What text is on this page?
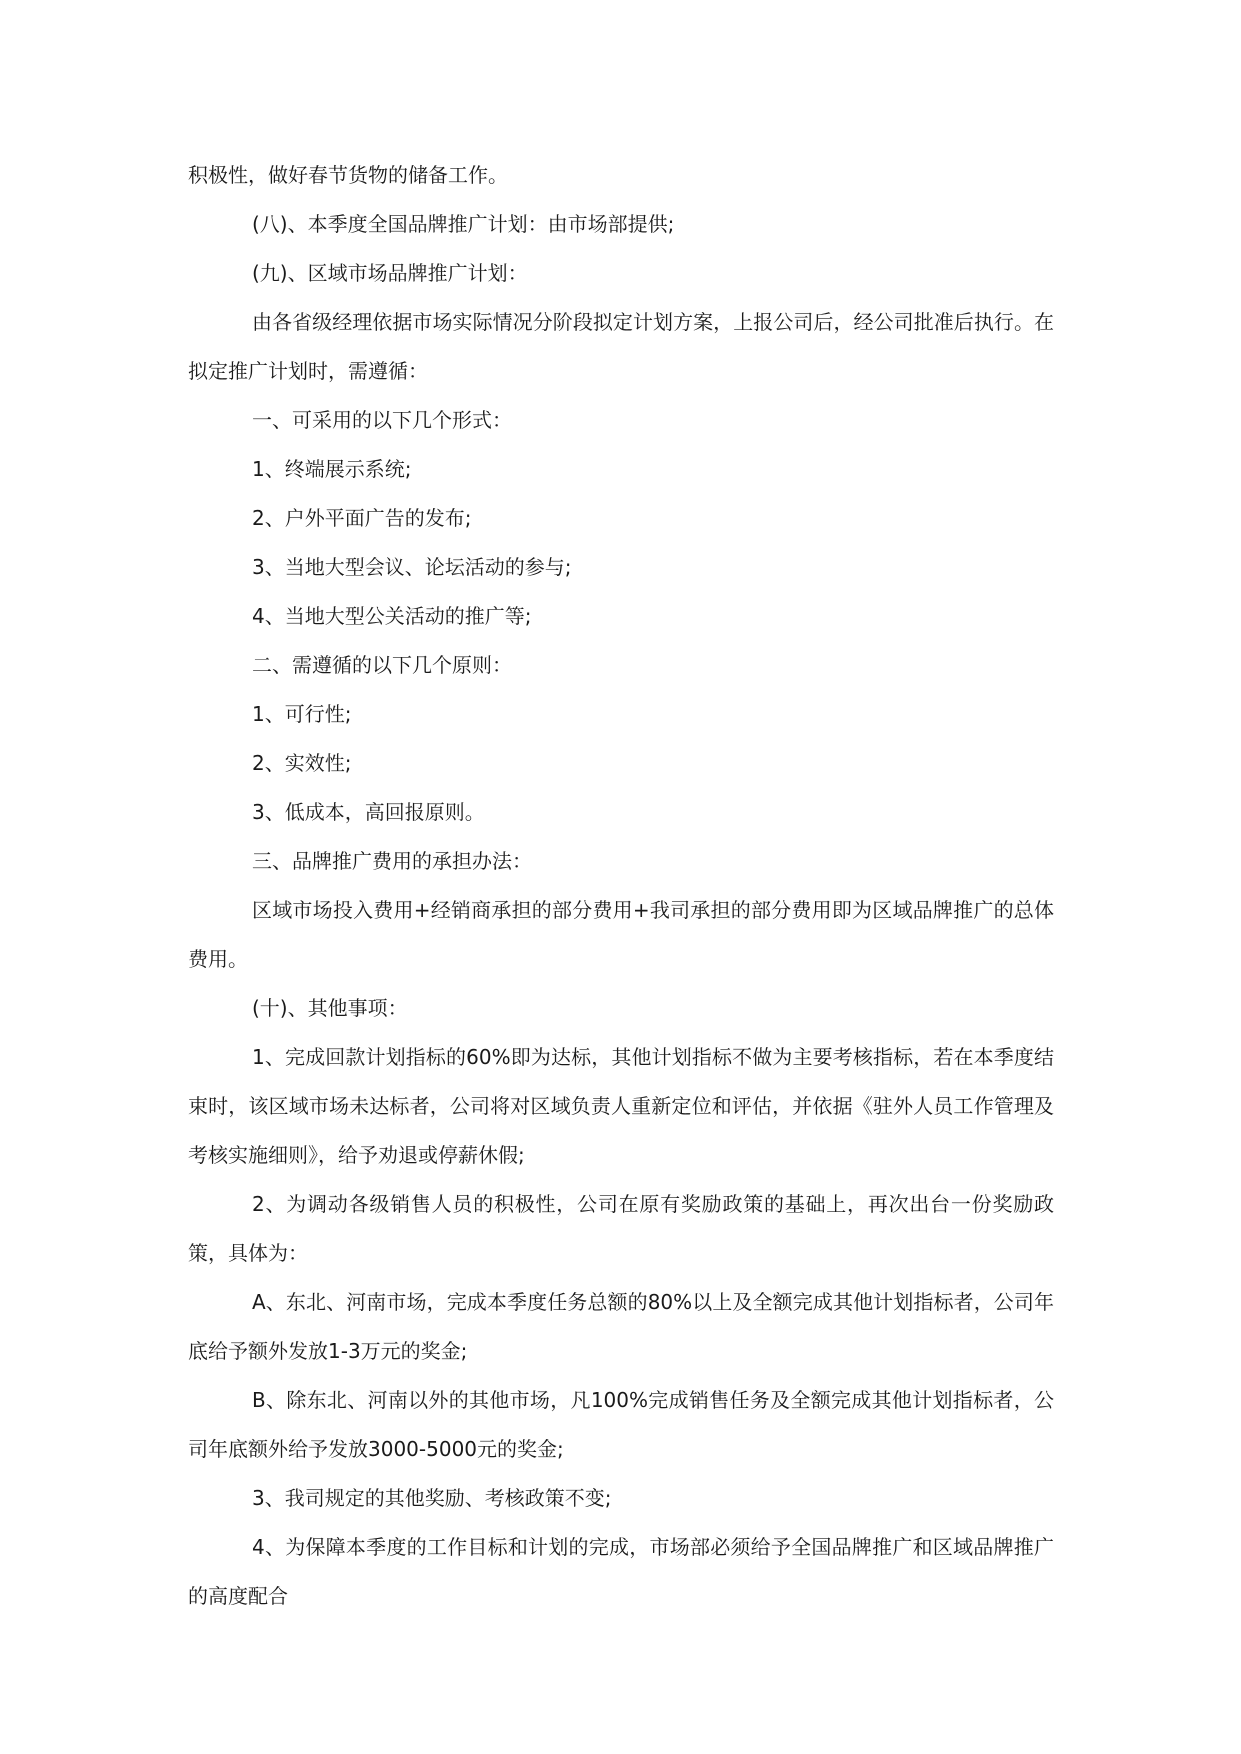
积极性，做好春节货物的储备工作。

(八)、本季度全国品牌推广计划：由市场部提供;

(九)、区域市场品牌推广计划：

由各省级经理依据市场实际情况分阶段拟定计划方案，上报公司后，经公司批准后执行。在拟定推广计划时，需遵循：

一、可采用的以下几个形式：

1、终端展示系统;

2、户外平面广告的发布;

3、当地大型会议、论坛活动的参与;

4、当地大型公关活动的推广等;

二、需遵循的以下几个原则：

1、可行性;

2、实效性;

3、低成本，高回报原则。

三、品牌推广费用的承担办法：

区域市场投入费用+经销商承担的部分费用+我司承担的部分费用即为区域品牌推广的总体费用。

(十)、其他事项：

1、完成回款计划指标的60%即为达标，其他计划指标不做为主要考核指标，若在本季度结束时，该区域市场未达标者，公司将对区域负责人重新定位和评估，并依据《驻外人员工作管理及考核实施细则》，给予劝退或停薪休假;

2、为调动各级销售人员的积极性，公司在原有奖励政策的基础上，再次出台一份奖励政策，具体为：

A、东北、河南市场，完成本季度任务总额的80%以上及全额完成其他计划指标者，公司年底给予额外发放1-3万元的奖金;

B、除东北、河南以外的其他市场，凡100%完成销售任务及全额完成其他计划指标者，公司年底额外给予发放3000-5000元的奖金;

3、我司规定的其他奖励、考核政策不变;

4、为保障本季度的工作目标和计划的完成，市场部必须给予全国品牌推广和区域品牌推广的高度配合
